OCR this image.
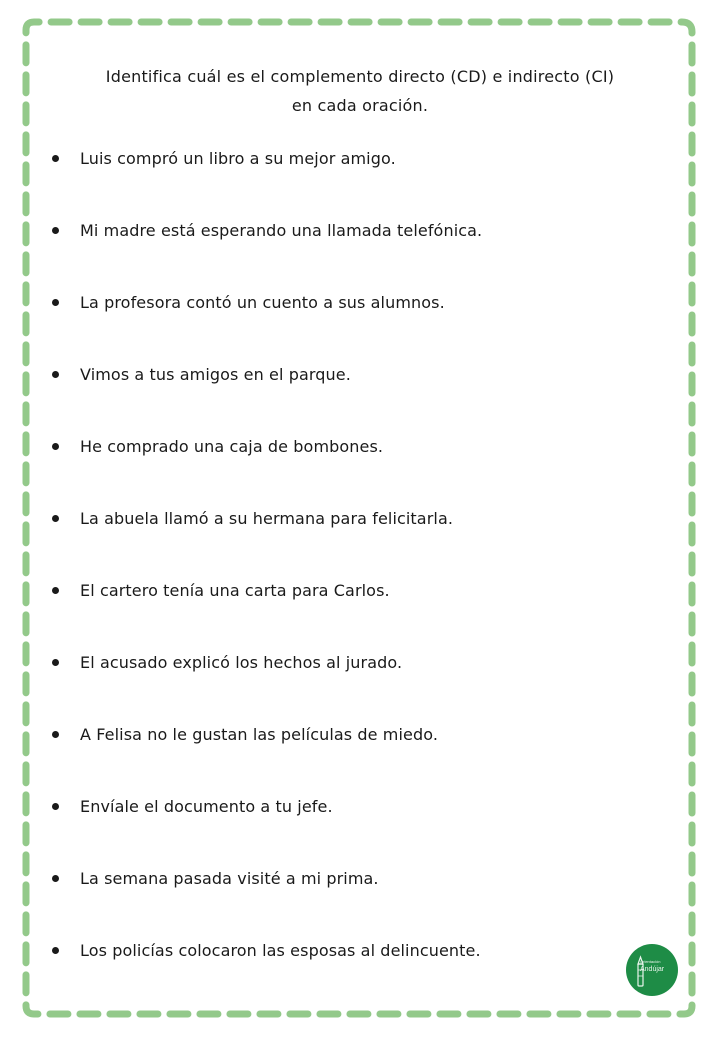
Identifica cuál es el complemento directo (CD) e indirecto (CI)
en cada oración.
Luis compró un libro a su mejor amigo.
Mi madre está esperando una llamada telefónica.
La profesora contó un cuento a sus alumnos.
Vimos a tus amigos en el parque.
He comprado una caja de bombones.
La abuela llamó a su hermana para felicitarla.
El cartero tenía una carta para Carlos.
El acusado explicó los hechos al jurado.
A Felisa no le gustan las películas de miedo.
Envíale el documento a tu jefe.
La semana pasada visité a mi prima.
Los policías colocaron las esposas al delincuente.
Orientación
Andújar
